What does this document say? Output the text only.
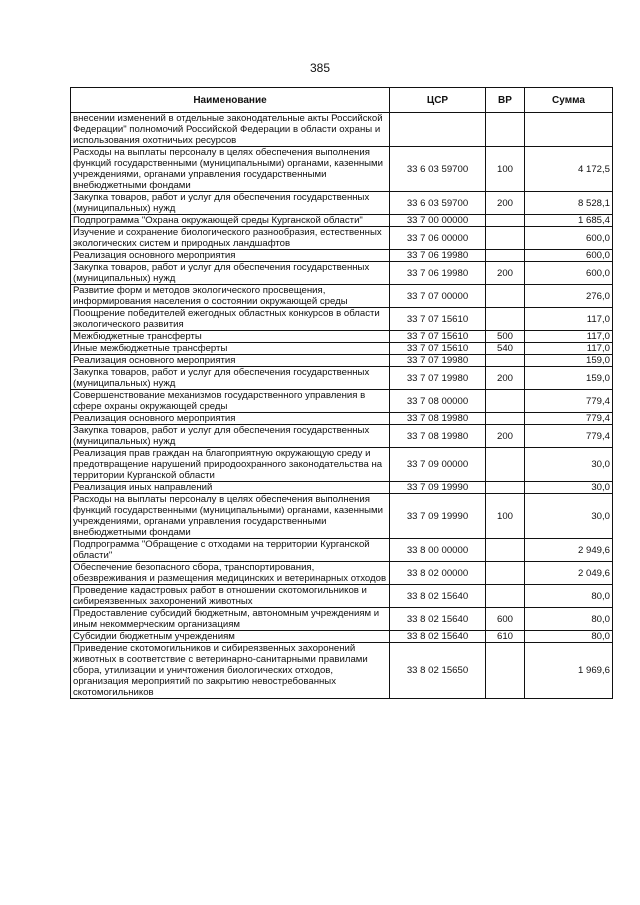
385
Наименование	ЦСР	ВР	Сумма
внесении изменений в отдельные законодательные акты Российской Федерации" полномочий Российской Федерации в области охраны и использования охотничьих ресурсов			
Расходы на выплаты персоналу в целях обеспечения выполнения функций государственными (муниципальными) органами, казенными учреждениями, органами управления государственными внебюджетными фондами	33 6 03 59700	100	4 172,5
Закупка товаров, работ и услуг для обеспечения государственных (муниципальных) нужд	33 6 03 59700	200	8 528,1
Подпрограмма "Охрана окружающей среды Курганской области"	33 7 00 00000		1 685,4
Изучение и сохранение биологического разнообразия, естественных экологических систем и природных ландшафтов	33 7 06 00000		600,0
Реализация основного мероприятия	33 7 06 19980		600,0
Закупка товаров, работ и услуг для обеспечения государственных (муниципальных) нужд	33 7 06 19980	200	600,0
Развитие форм и методов экологического просвещения, информирования населения о состоянии окружающей среды	33 7 07 00000		276,0
Поощрение победителей ежегодных областных конкурсов в области экологического развития	33 7 07 15610		117,0
Межбюджетные трансферты	33 7 07 15610	500	117,0
Иные межбюджетные трансферты	33 7 07 15610	540	117,0
Реализация основного мероприятия	33 7 07 19980		159,0
Закупка товаров, работ и услуг для обеспечения государственных (муниципальных) нужд	33 7 07 19980	200	159,0
Совершенствование механизмов государственного управления в сфере охраны окружающей среды	33 7 08 00000		779,4
Реализация основного мероприятия	33 7 08 19980		779,4
Закупка товаров, работ и услуг для обеспечения государственных (муниципальных) нужд	33 7 08 19980	200	779,4
Реализация прав граждан на благоприятную окружающую среду и предотвращение нарушений природоохранного законодательства на территории Курганской области	33 7 09 00000		30,0
Реализация иных направлений	33 7 09 19990		30,0
Расходы на выплаты персоналу в целях обеспечения выполнения функций государственными (муниципальными) органами, казенными учреждениями, органами управления государственными внебюджетными фондами	33 7 09 19990	100	30,0
Подпрограмма "Обращение с отходами на территории Курганской области"	33 8 00 00000		2 949,6
Обеспечение безопасного сбора, транспортирования, обезвреживания и размещения медицинских и ветеринарных отходов	33 8 02 00000		2 049,6
Проведение кадастровых работ в отношении скотомогильников и сибиреязвенных захоронений животных	33 8 02 15640		80,0
Предоставление субсидий бюджетным, автономным учреждениям и иным некоммерческим организациям	33 8 02 15640	600	80,0
Субсидии бюджетным учреждениям	33 8 02 15640	610	80,0
Приведение скотомогильников и сибиреязвенных захоронений животных в соответствие с ветеринарно-санитарными правилами сбора, утилизации и уничтожения биологических отходов, организация мероприятий по закрытию невостребованных скотомогильников	33 8 02 15650		1 969,6
